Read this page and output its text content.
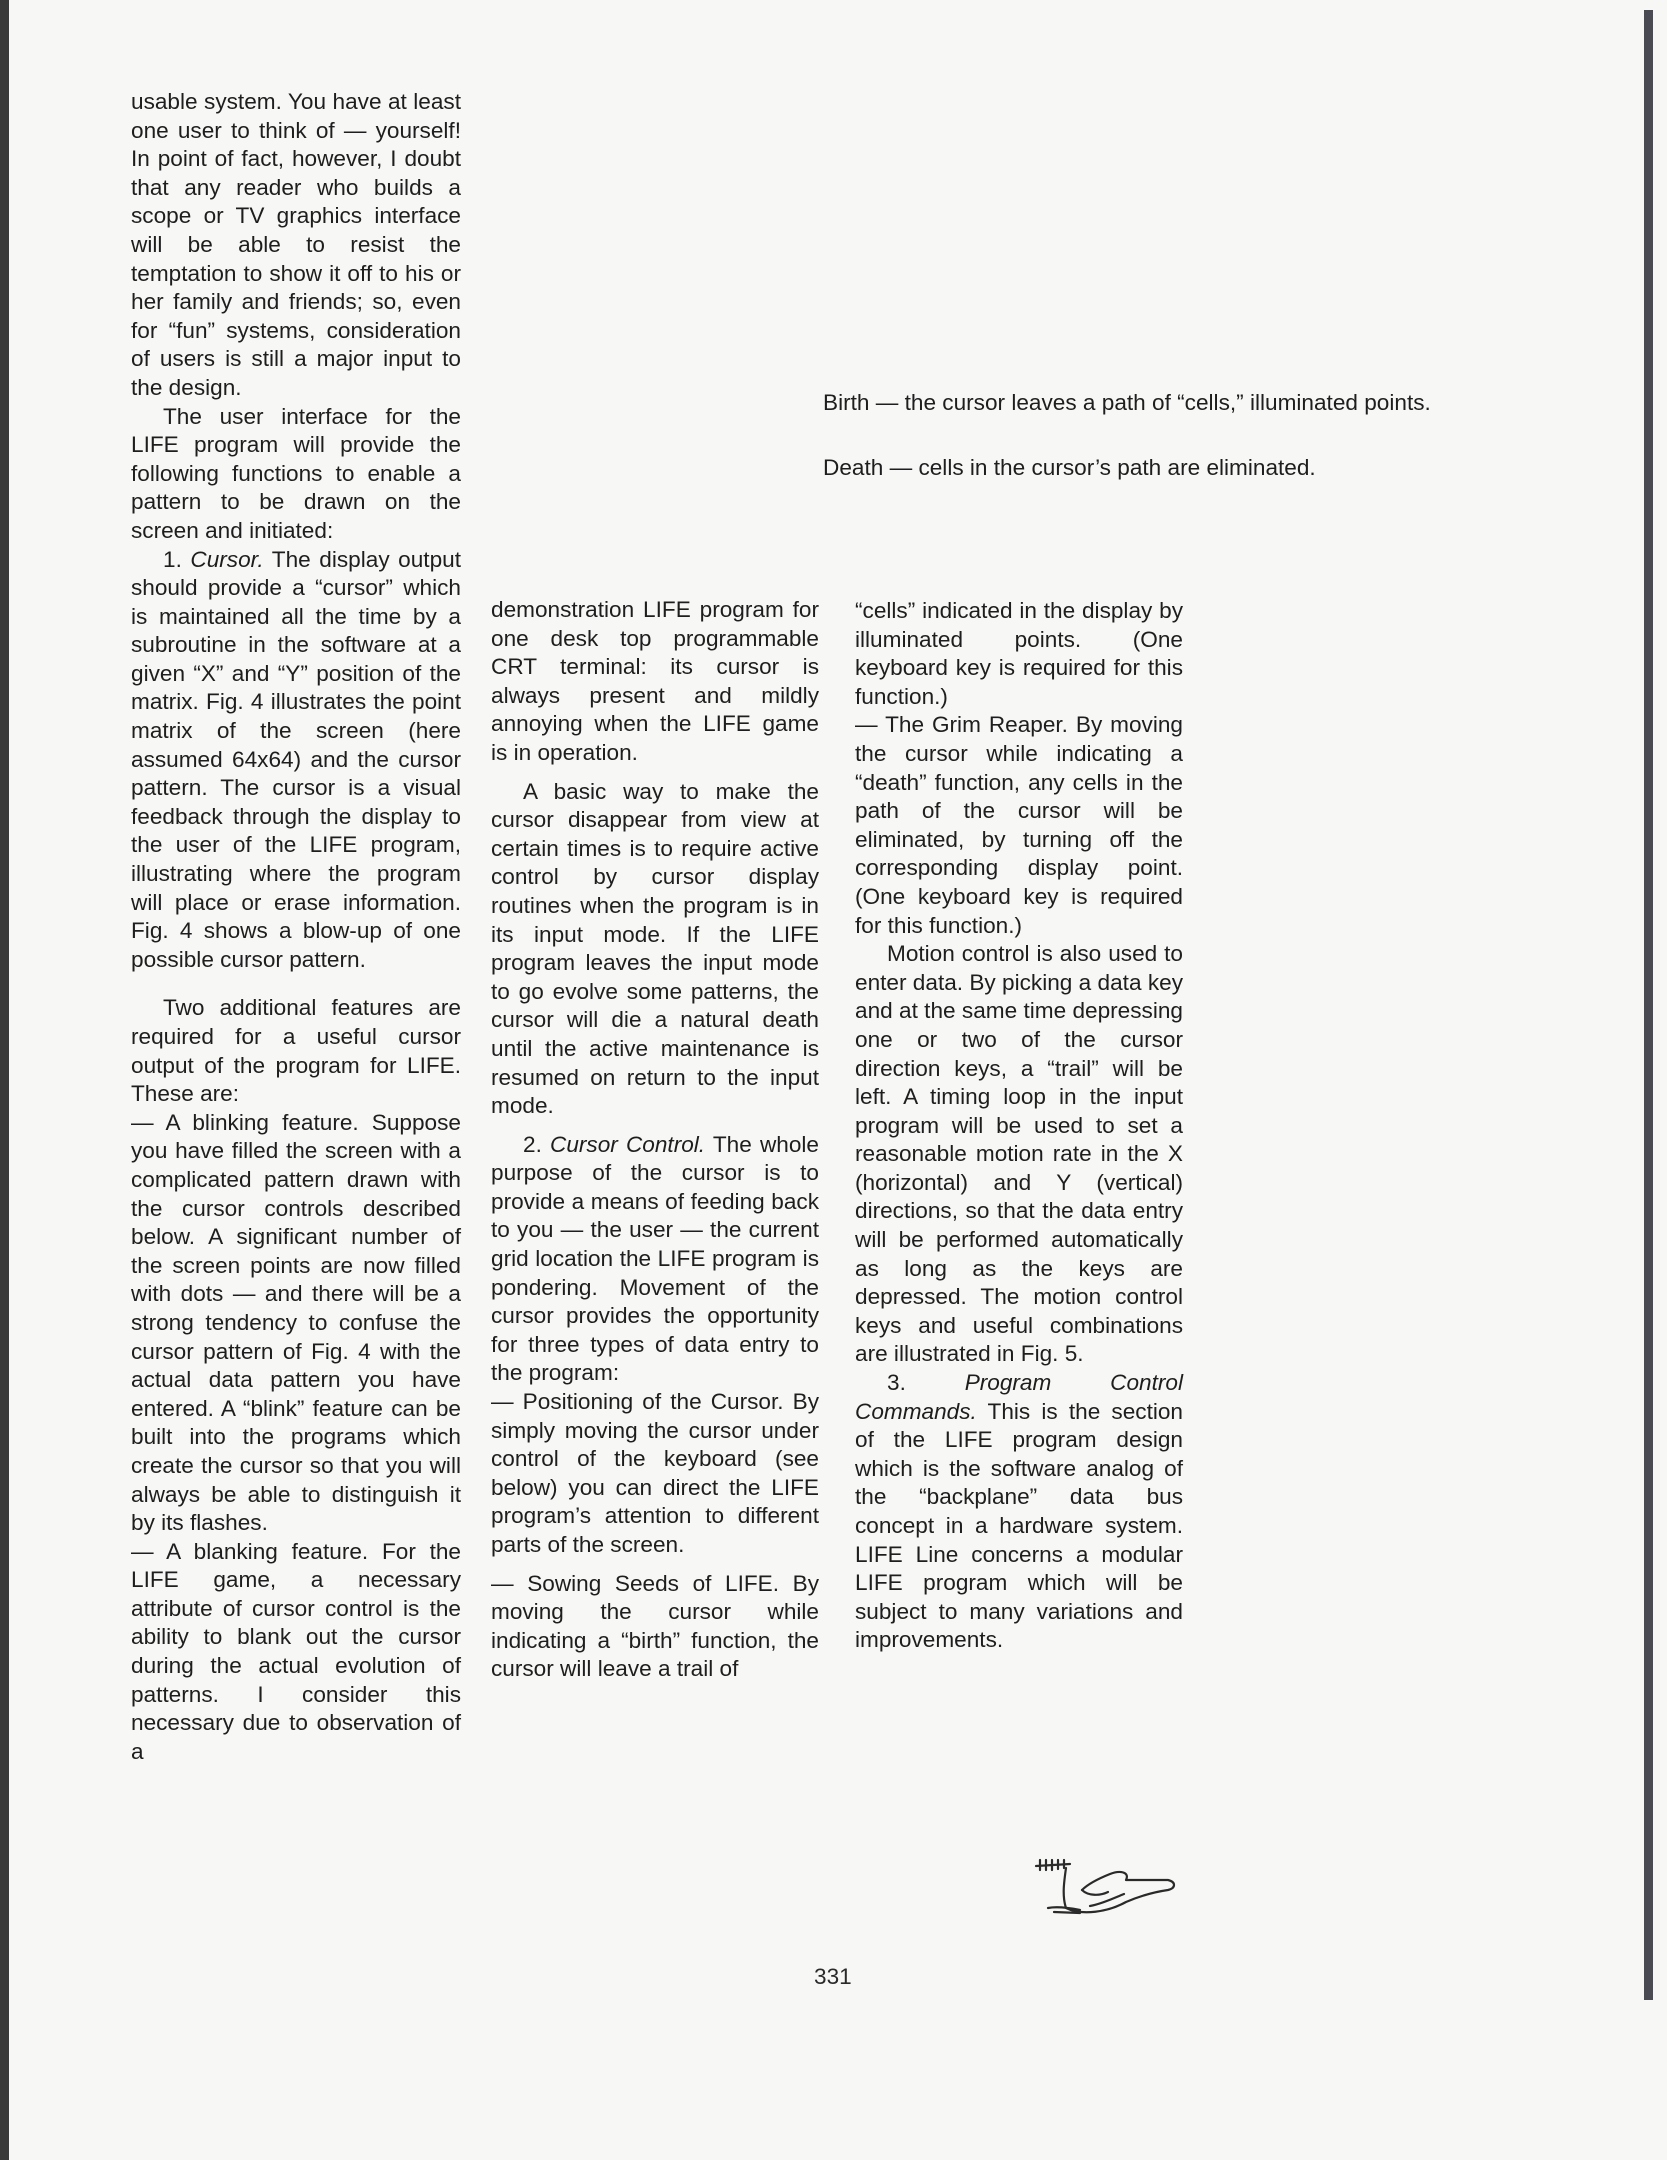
Birth — the cursor leaves a path of “cells,” illuminated points.
Death — cells in the cursor’s path are eliminated.

usable system. You have at least one user to think of — yourself! In point of fact, however, I doubt that any reader who builds a scope or TV graphics interface will be able to resist the temptation to show it off to his or her family and friends; so, even for “fun” systems, consideration of users is still a major input to the design.

The user interface for the LIFE program will provide the following functions to enable a pattern to be drawn on the screen and initiated:

1. Cursor. The display output should provide a “cursor” which is maintained all the time by a subroutine in the software at a given “X” and “Y” position of the matrix. Fig. 4 illustrates the point matrix of the screen (here assumed 64x64) and the cursor pattern. The cursor is a visual feedback through the display to the user of the LIFE program, illustrating where the program will place or erase information. Fig. 4 shows a blow-up of one possible cursor pattern.

Two additional features are required for a useful cursor output of the program for LIFE. These are:

— A blinking feature. Suppose you have filled the screen with a complicated pattern drawn with the cursor controls described below. A significant number of the screen points are now filled with dots — and there will be a strong tendency to confuse the cursor pattern of Fig. 4 with the actual data pattern you have entered. A “blink” feature can be built into the programs which create the cursor so that you will always be able to distinguish it by its flashes.

— A blanking feature. For the LIFE game, a necessary attribute of cursor control is the ability to blank out the cursor during the actual evolution of patterns. I consider this necessary due to observation of a

demonstration LIFE program for one desk top programmable CRT terminal: its cursor is always present and mildly annoying when the LIFE game is in operation.

A basic way to make the cursor disappear from view at certain times is to require active control by cursor display routines when the program is in its input mode. If the LIFE program leaves the input mode to go evolve some patterns, the cursor will die a natural death until the active maintenance is resumed on return to the input mode.

2. Cursor Control. The whole purpose of the cursor is to provide a means of feeding back to you — the user — the current grid location the LIFE program is pondering. Movement of the cursor provides the opportunity for three types of data entry to the program:

— Positioning of the Cursor. By simply moving the cursor under control of the keyboard (see below) you can direct the LIFE program’s attention to different parts of the screen.

— Sowing Seeds of LIFE. By moving the cursor while indicating a “birth” function, the cursor will leave a trail of

“cells” indicated in the display by illuminated points. (One keyboard key is required for this function.)

— The Grim Reaper. By moving the cursor while indicating a “death” function, any cells in the path of the cursor will be eliminated, by turning off the corresponding display point. (One keyboard key is required for this function.)

Motion control is also used to enter data. By picking a data key and at the same time depressing one or two of the cursor direction keys, a “trail” will be left. A timing loop in the input program will be used to set a reasonable motion rate in the X (horizontal) and Y (vertical) directions, so that the data entry will be performed automatically as long as the keys are depressed. The motion control keys and useful combinations are illustrated in Fig. 5.

3.	Program Control Commands. This is the section of the LIFE program design which is the software analog of the “backplane” data bus concept in a hardware system. LIFE Line concerns a modular LIFE program which will be subject to many variations and improvements.

331
